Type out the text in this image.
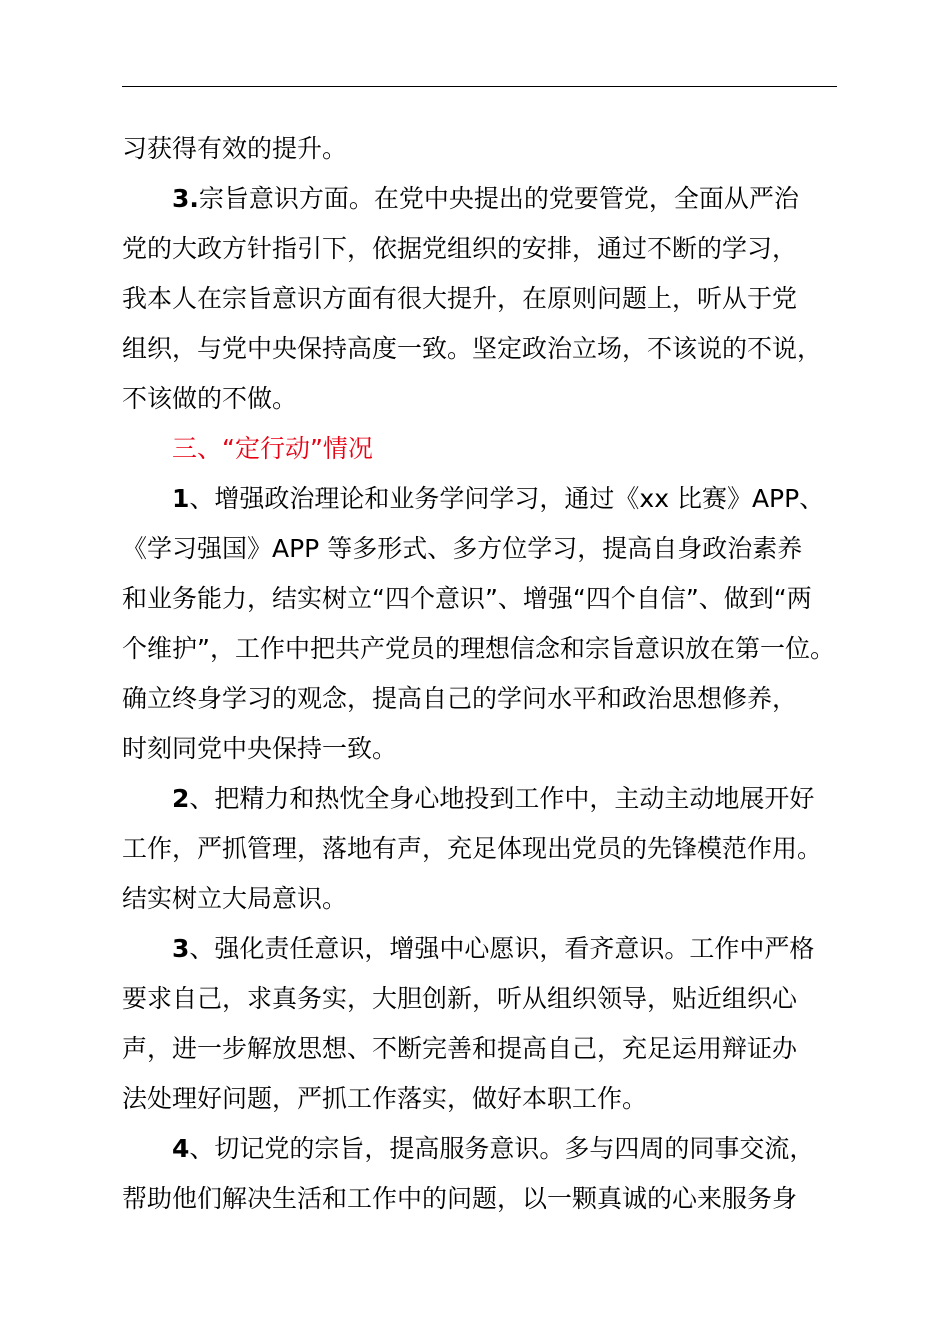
习获得有效的提升。
3.宗旨意识方面。在党中央提出的党要管党，全面从严治
党的大政方针指引下，依据党组织的安排，通过不断的学习，
我本人在宗旨意识方面有很大提升，在原则问题上，听从于党
组织，与党中央保持高度一致。坚定政治立场，不该说的不说，
不该做的不做。
三、“定行动”情况
1、增强政治理论和业务学问学习，通过《xx 比赛》APP、
《学习强国》APP 等多形式、多方位学习，提高自身政治素养
和业务能力，结实树立“四个意识”、增强“四个自信”、做到“两
个维护”，工作中把共产党员的理想信念和宗旨意识放在第一位。
确立终身学习的观念，提高自己的学问水平和政治思想修养，
时刻同党中央保持一致。
2、把精力和热忱全身心地投到工作中，主动主动地展开好
工作，严抓管理，落地有声，充足体现出党员的先锋模范作用。
结实树立大局意识。
3、强化责任意识，增强中心愿识，看齐意识。工作中严格
要求自己，求真务实，大胆创新，听从组织领导，贴近组织心
声，进一步解放思想、不断完善和提高自己，充足运用辩证办
法处理好问题，严抓工作落实，做好本职工作。
4、切记党的宗旨，提高服务意识。多与四周的同事交流，
帮助他们解决生活和工作中的问题，以一颗真诚的心来服务身
